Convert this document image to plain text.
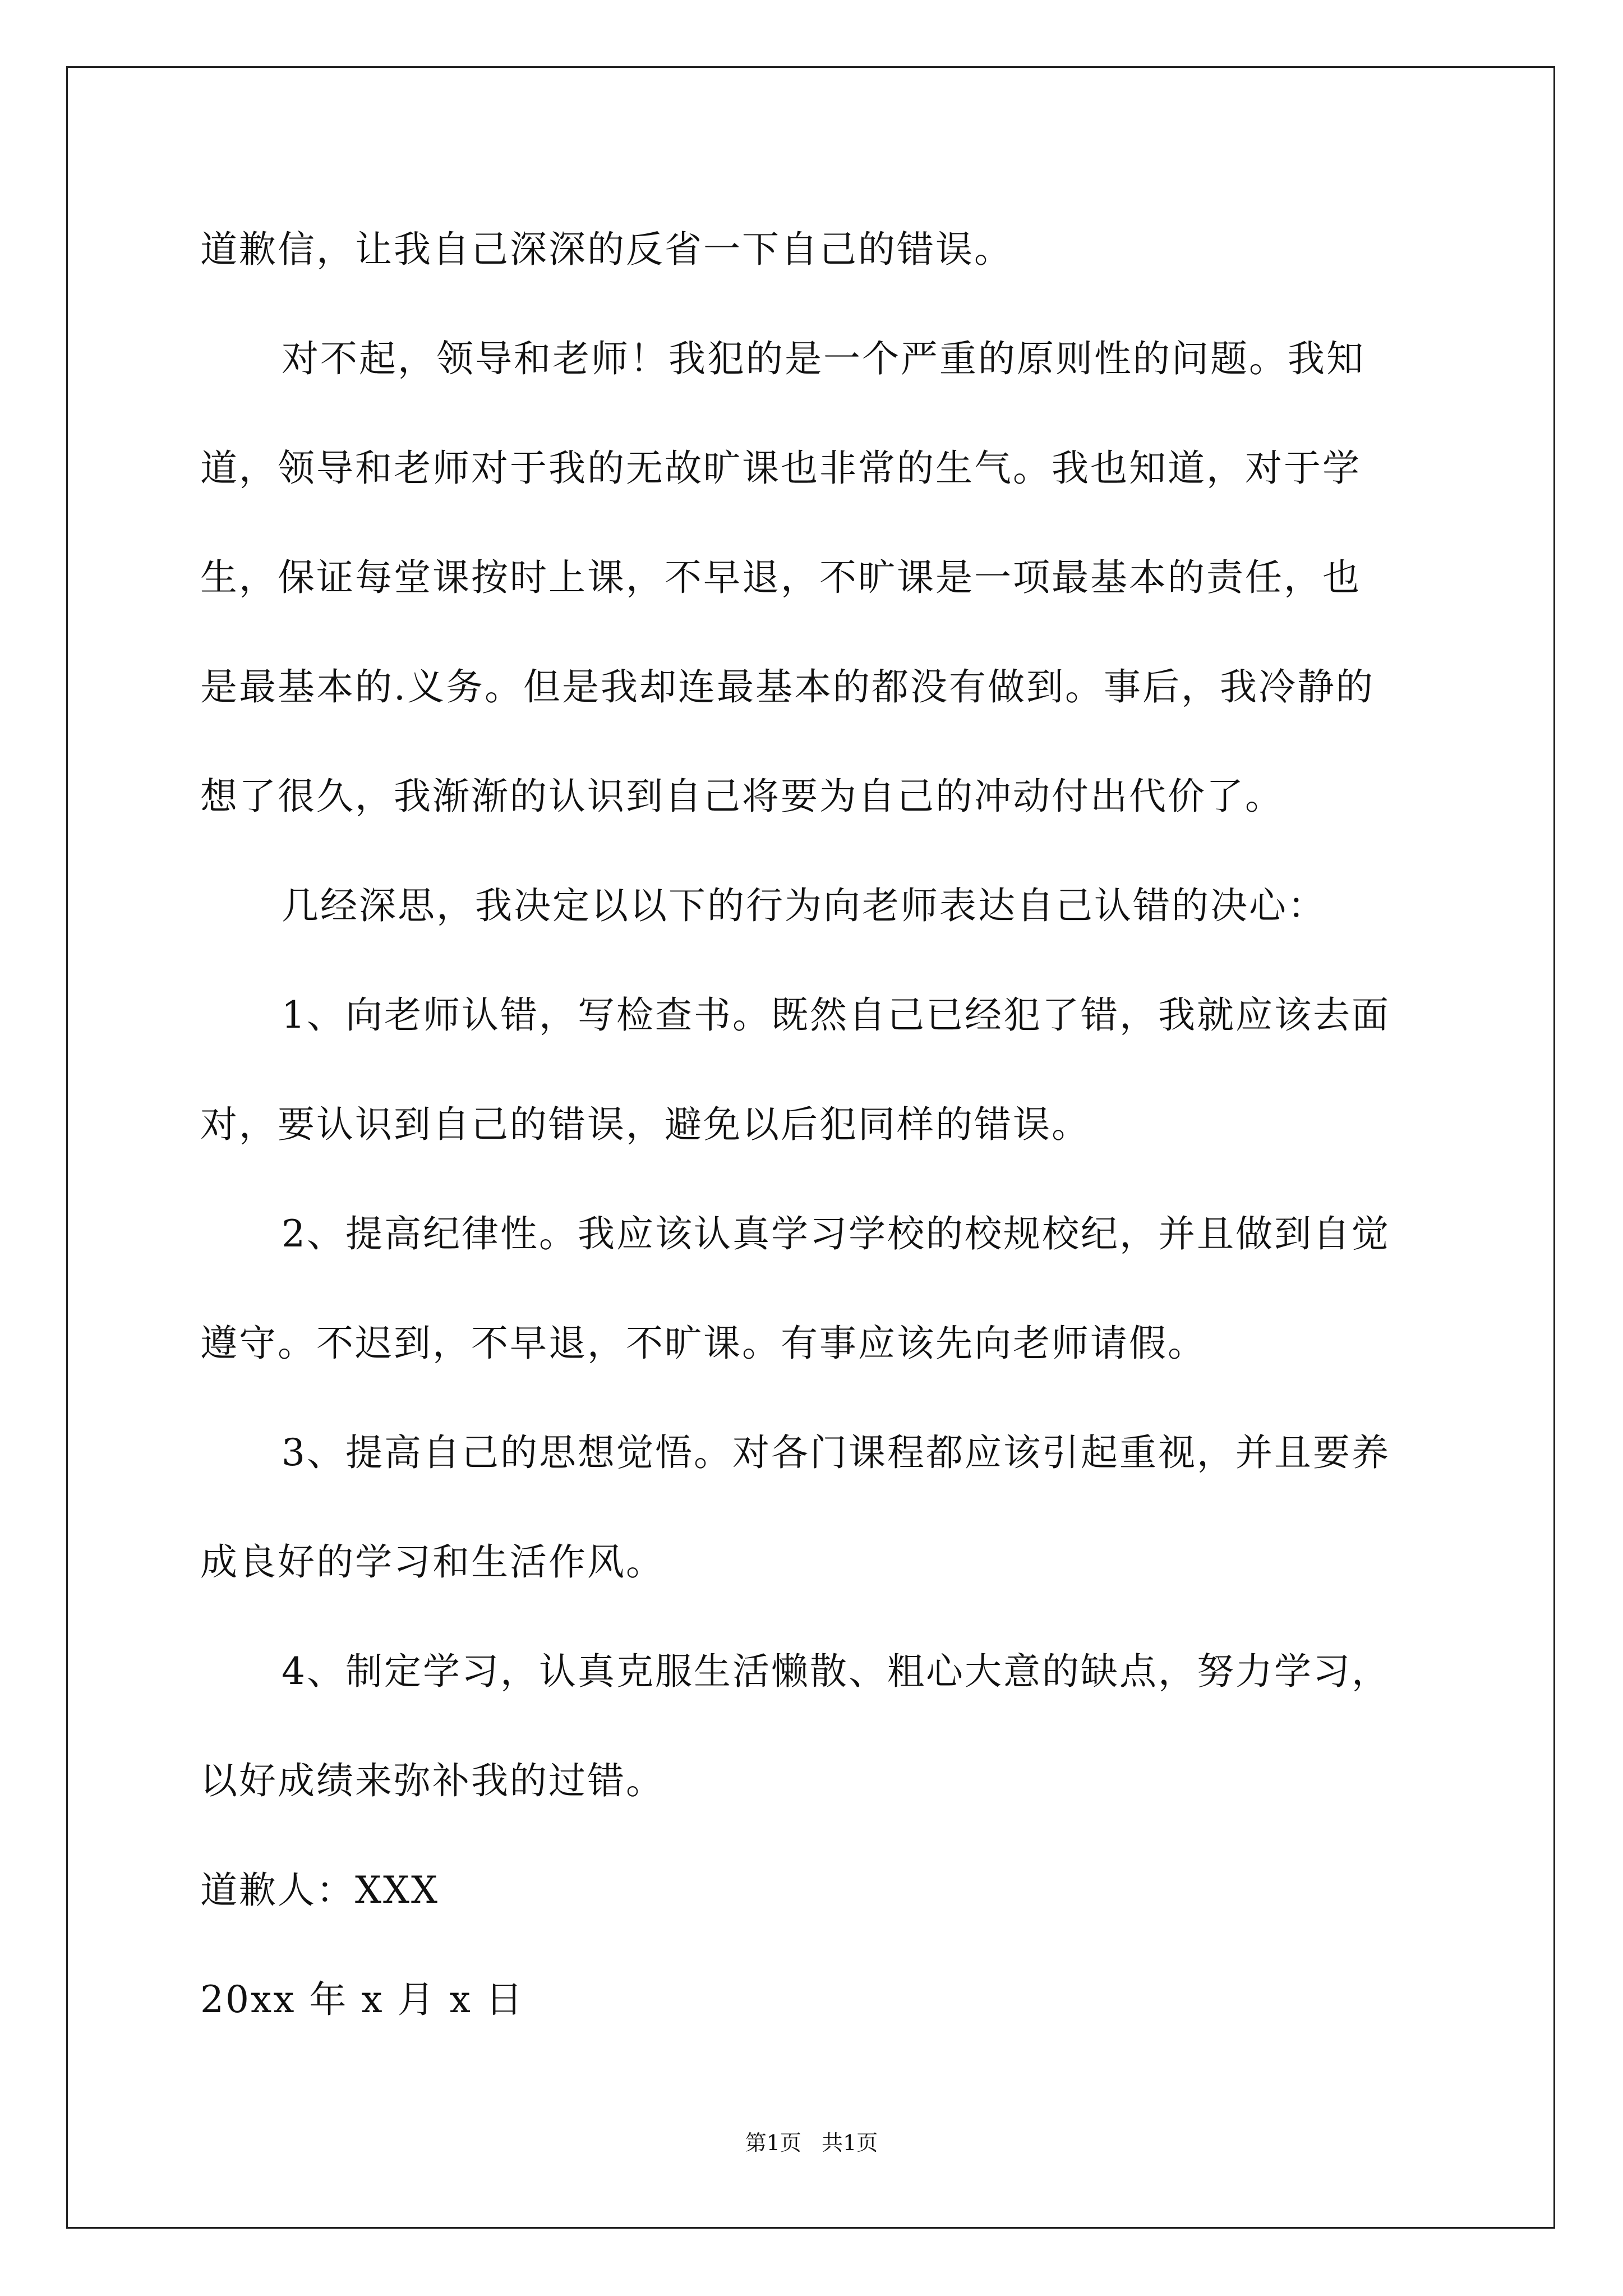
道歉信，让我自己深深的反省一下自己的错误。
对不起，领导和老师！我犯的是一个严重的原则性的问题。我知
道，领导和老师对于我的无故旷课也非常的生气。我也知道，对于学
生，保证每堂课按时上课，不早退，不旷课是一项最基本的责任，也
是最基本的.义务。但是我却连最基本的都没有做到。事后，我冷静的
想了很久，我渐渐的认识到自己将要为自己的冲动付出代价了。
几经深思，我决定以以下的行为向老师表达自己认错的决心：
1、向老师认错，写检查书。既然自己已经犯了错，我就应该去面
对，要认识到自己的错误，避免以后犯同样的错误。
2、提高纪律性。我应该认真学习学校的校规校纪，并且做到自觉
遵守。不迟到，不早退，不旷课。有事应该先向老师请假。
3、提高自己的思想觉悟。对各门课程都应该引起重视，并且要养
成良好的学习和生活作风。
4、制定学习，认真克服生活懒散、粗心大意的缺点，努力学习，
以好成绩来弥补我的过错。
道歉人：XXX
20xx 年 x 月 x 日
第1页   共1页
